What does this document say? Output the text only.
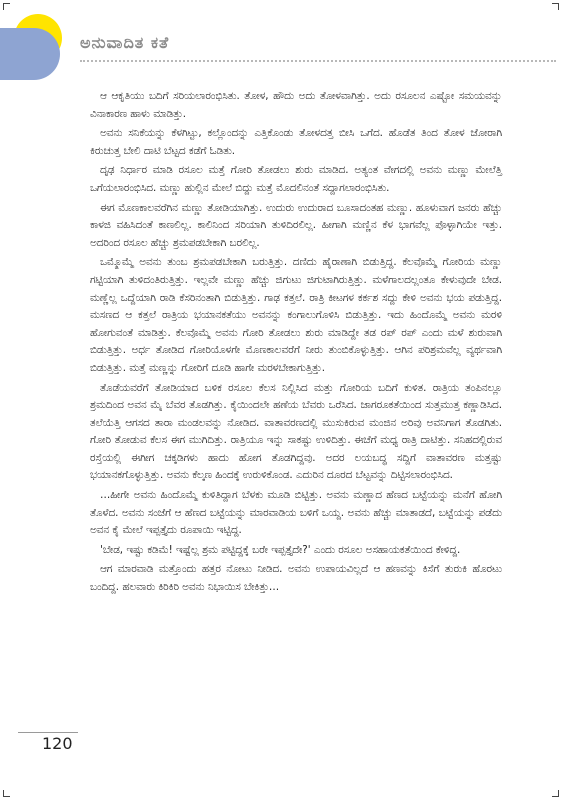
ಅನುವಾದಿತ ಕತೆ

ಆ ಆಕೃತಿಯು ಬದಿಗೆ ಸರಿಯಲಾರಂಭಿಸಿತು. ತೋಳ, ಹೌದು ಅದು ತೋಳವಾಗಿತ್ತು. ಅದು ರಸೂಲನ ಎಷ್ಟೋ ಸಮಯವನ್ನು ವಿನಾಕಾರಣ ಹಾಳು ಮಾಡಿತ್ತು.

ಅವನು ಸನಿಕೆಯನ್ನು ಕೆಳಗಿಟ್ಟು, ಕಲ್ಲೊಂದನ್ನು ಎತ್ತಿಕೊಂಡು ತೋಳದತ್ತ ಬೀಸಿ ಒಗೆದ. ಹೊಡೆತ ತಿಂದ ತೋಳ ಜೋರಾಗಿ ಕಿರುಚುತ್ತ ಬೇಲಿ ದಾಟಿ ಬೆಟ್ಟದ ಕಡೆಗೆ ಓಡಿತು.

ದೃಢ ನಿರ್ಧಾರ ಮಾಡಿ ರಸೂಲ ಮತ್ತೆ ಗೋರಿ ತೋಡಲು ಶುರು ಮಾಡಿದ. ಅತ್ಯಂತ ವೇಗದಲ್ಲಿ ಅವನು ಮಣ್ಣು ಮೇಲೆತ್ತಿ ಒಗೆಯಲಾರಂಭಿಸಿದ. ಮಣ್ಣು ಹುಲ್ಲಿನ ಮೇಲೆ ಬಿದ್ದು ಮತ್ತೆ ಮೊದಲಿನಂತೆ ಸದ್ದಾಗಲಾರಂಭಿಸಿತು.

ಈಗ ಮೊಣಕಾಲವರೆಗಿನ ಮಣ್ಣು ತೋಡಿಯಾಗಿತ್ತು. ಉದುರು ಉದುರಾದ ಬೂಸಾದಂತಹ ಮಣ್ಣು. ಹೂಳುವಾಗ ಜನರು ಹೆಚ್ಚು ಕಾಳಜಿ ವಹಿಸಿದಂತೆ ಕಾಣಲಿಲ್ಲ. ಕಾಲಿನಿಂದ ಸರಿಯಾಗಿ ತುಳಿದಿರಲಿಲ್ಲ. ಹೀಗಾಗಿ ಮಣ್ಣಿನ ಕೆಳ ಭಾಗವೆಲ್ಲ ಪೊಳ್ಳಾಗಿಯೇ ಇತ್ತು. ಅದರಿಂದ ರಸೂಲ ಹೆಚ್ಚು ಶ್ರಮಪಡಬೇಕಾಗಿ ಬರಲಿಲ್ಲ.

ಒಮ್ಮೊಮ್ಮೆ ಅವನು ತುಂಬ ಶ್ರಮಪಡಬೇಕಾಗಿ ಬರುತ್ತಿತ್ತು. ದಣಿದು ಹೈರಾಣಾಗಿ ಬಿಡುತ್ತಿದ್ದ. ಕೆಲವೊಮ್ಮೆ ಗೋರಿಯ ಮಣ್ಣು ಗಟ್ಟಿಯಾಗಿ ತುಳಿದಂತಿರುತ್ತಿತ್ತು. ಇಲ್ಲವೇ ಮಣ್ಣು ಹೆಚ್ಚು ಜಿಗುಟು ಜಿಗುಟಾಗಿರುತ್ತಿತ್ತು. ಮಳೆಗಾಲದಲ್ಲಂತೂ ಕೇಳುವುದೇ ಬೇಡ. ಮಣ್ಣೆಲ್ಲ ಒದ್ದೆಯಾಗಿ ರಾಡಿ ಕೆಸರಿನಂತಾಗಿ ಬಿಡುತ್ತಿತ್ತು. ಗಾಢ ಕತ್ತಲೆ. ರಾತ್ರಿ ಕೀಟಗಳ ಕರ್ಕಶ ಸದ್ದು ಕೇಳಿ ಅವನು ಭಯ ಪಡುತ್ತಿದ್ದ. ಮಸಣದ ಆ ಕತ್ತಲೆ ರಾತ್ರಿಯ ಭಯಾನಕತೆಯು ಅವನನ್ನು ಕಂಗಾಲುಗೊಳಿಸಿ ಬಿಡುತ್ತಿತ್ತು. ಇದು ಹಿಂದೊಮ್ಮೆ ಅವನು ಮರಳಿ ಹೋಗುವಂತೆ ಮಾಡಿತ್ತು. ಕೆಲವೊಮ್ಮೆ ಅವನು ಗೋರಿ ತೋಡಲು ಶುರು ಮಾಡಿದ್ದೇ ತಡ ರಪ್ ರಪ್ ಎಂದು ಮಳೆ ಶುರುವಾಗಿ ಬಿಡುತ್ತಿತ್ತು. ಅರ್ಧ ತೋಡಿದ ಗೋರಿಯೊಳಗೇ ಮೊಣಕಾಲವರೆಗೆ ನೀರು ತುಂಬಿಕೊಳ್ಳುತ್ತಿತ್ತು. ಆಗಿನ ಪರಿಶ್ರಮವೆಲ್ಲ ವ್ಯರ್ಥವಾಗಿ ಬಿಡುತ್ತಿತ್ತು. ಮತ್ತೆ ಮಣ್ಣನ್ನು ಗೋರಿಗೆ ದೂಡಿ ಹಾಗೇ ಮರಳಬೇಕಾಗುತ್ತಿತ್ತು.

ತೊಡೆಯವರೆಗೆ ತೋಡಿಯಾದ ಬಳಿಕ ರಸೂಲ ಕೆಲಸ ನಿಲ್ಲಿಸಿದ ಮತ್ತು ಗೋರಿಯ ಬದಿಗೆ ಕುಳಿತ. ರಾತ್ರಿಯ ತಂಪಿನಲ್ಲೂ ಶ್ರಮದಿಂದ ಅವನ ಮೈ ಬೆವರ ತೊಡಗಿತ್ತು. ಕೈಯಿಂದಲೇ ಹಣೆಯ ಬೆವರು ಒರೆಸಿದ. ಜಾಗರೂಕತೆಯಿಂದ ಸುತ್ತಮುತ್ತ ಕಣ್ಣಾಡಿಸಿದ. ತಲೆಯೆತ್ತಿ ಆಗಸದ ತಾರಾ ಮಂಡಲವನ್ನು ನೋಡಿದ. ವಾತಾವರಣದಲ್ಲಿ ಮುಸುಕಿರುವ ಮಂಜಿನ ಅರಿವು ಅವನಿಗಾಗ ತೊಡಗಿತು. ಗೋರಿ ತೋಡುವ ಕೆಲಸ ಈಗ ಮುಗಿದಿತ್ತು. ರಾತ್ರಿಯೂ ಇನ್ನು ಸಾಕಷ್ಟು ಉಳಿದಿತ್ತು. ಈಚೆಗೆ ಮಧ್ಯ ರಾತ್ರಿ ದಾಟಿತ್ತು. ಸನಿಹದಲ್ಲಿರುವ ರಸ್ತೆಯಲ್ಲಿ ಈಗೀಗ ಚಕ್ಕಡಿಗಳು ಹಾದು ಹೋಗ ತೊಡಗಿದ್ದವು. ಅದರ ಲಯಬದ್ಧ ಸದ್ದಿಗೆ ವಾತಾವರಣ ಮತ್ತಷ್ಟು ಭಯಾನಕಗೊಳ್ಳುತ್ತಿತ್ತು. ಅವನು ಕೆಲ್ಕಣ ಹಿಂದಕ್ಕೆ ಉರುಳಿಕೊಂಡ. ಎದುರಿನ ದೂರದ ಬೆಟ್ಟವನ್ನು ದಿಟ್ಟಿಸಲಾರಂಭಿಸಿದ.

…ಹೀಗೇ ಅವನು ಹಿಂದೊಮ್ಮೆ ಕುಳಿತಿದ್ದಾಗ ಬೆಳಕು ಮೂಡಿ ಬಿಟ್ಟಿತ್ತು. ಅವನು ಮಣ್ಣಾದ ಹೆಣದ ಬಟ್ಟೆಯನ್ನು ಮನೆಗೆ ಹೋಗಿ ತೊಳೆದ. ಅವನು ಸಂಜೆಗೆ ಆ ಹೆಣದ ಬಟ್ಟೆಯನ್ನು ಮಾರವಾಡಿಯ ಬಳಿಗೆ ಒಯ್ದ. ಅವನು ಹೆಚ್ಚು ಮಾತಾಡದೆ, ಬಟ್ಟೆಯನ್ನು ಪಡೆದು ಅವನ ಕೈ ಮೇಲೆ ಇಪ್ಪತ್ತೈದು ರೂಪಾಯಿ ಇಟ್ಟಿದ್ದ.

'ಬೇಡ, ಇಷ್ಟು ಕಡಿಮೆ! ಇಷ್ಟೆಲ್ಲ ಶ್ರಮ ಪಟ್ಟಿದ್ದಕ್ಕೆ ಬರೇ ಇಪ್ಪತ್ತೈದೇ?' ಎಂದು ರಸೂಲ ಅಸಹಾಯಕತೆಯಿಂದ ಕೇಳಿದ್ದ.

ಆಗ ಮಾರವಾಡಿ ಮತ್ತೊಂದು ಹತ್ತರ ನೋಟು ನೀಡಿದ. ಅವನು ಉಪಾಯವಿಲ್ಲದೆ ಆ ಹಣವನ್ನು ಕಿಸೆಗೆ ತುರುಕಿ ಹೊರಟು ಬಂದಿದ್ದ. ಹಲವಾರು ಕಿರಿಕಿರಿ ಅವನು ನಿಭಾಯಿಸ ಬೇಕಿತ್ತು…

120
